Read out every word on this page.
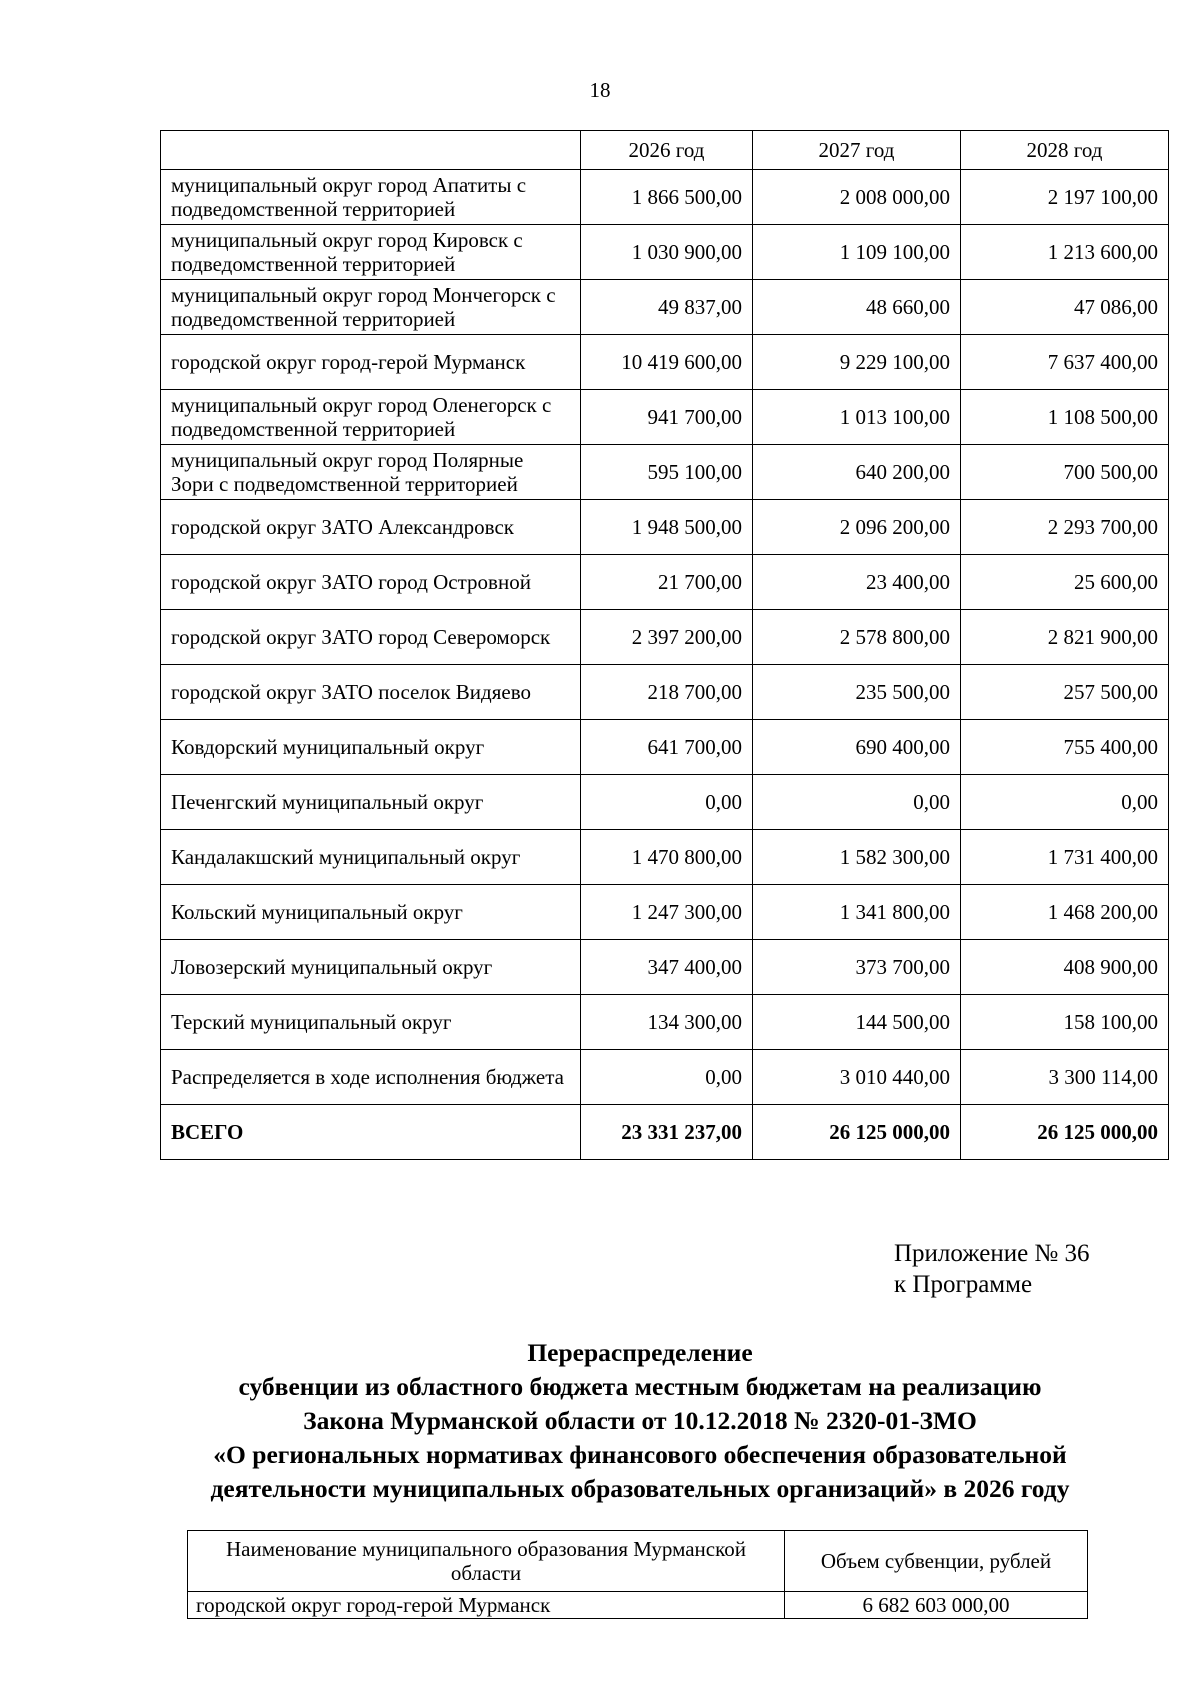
18
	2026 год	2027 год	2028 год
муниципальный округ город Апатиты с подведомственной территорией	1 866 500,00	2 008 000,00	2 197 100,00
муниципальный округ город Кировск с подведомственной территорией	1 030 900,00	1 109 100,00	1 213 600,00
муниципальный округ город Мончегорск с подведомственной территорией	49 837,00	48 660,00	47 086,00
городской округ город-герой Мурманск	10 419 600,00	9 229 100,00	7 637 400,00
муниципальный округ город Оленегорск с подведомственной территорией	941 700,00	1 013 100,00	1 108 500,00
муниципальный округ город Полярные Зори с подведомственной территорией	595 100,00	640 200,00	700 500,00
городской округ ЗАТО Александровск	1 948 500,00	2 096 200,00	2 293 700,00
городской округ ЗАТО город Островной	21 700,00	23 400,00	25 600,00
городской округ ЗАТО город Североморск	2 397 200,00	2 578 800,00	2 821 900,00
городской округ ЗАТО поселок Видяево	218 700,00	235 500,00	257 500,00
Ковдорский муниципальный округ	641 700,00	690 400,00	755 400,00
Печенгский муниципальный округ	0,00	0,00	0,00
Кандалакшский муниципальный округ	1 470 800,00	1 582 300,00	1 731 400,00
Кольский муниципальный округ	1 247 300,00	1 341 800,00	1 468 200,00
Ловозерский муниципальный округ	347 400,00	373 700,00	408 900,00
Терский муниципальный округ	134 300,00	144 500,00	158 100,00
Распределяется в ходе исполнения бюджета	0,00	3 010 440,00	3 300 114,00
ВСЕГО	23 331 237,00	26 125 000,00	26 125 000,00
Приложение № 36
к Программе
Перераспределение
субвенции из областного бюджета местным бюджетам на реализацию
Закона Мурманской области от 10.12.2018 № 2320-01-ЗМО
«О региональных нормативах финансового обеспечения образовательной
деятельности муниципальных образовательных организаций» в 2026 году
Наименование муниципального образования Мурманской области	Объем субвенции, рублей
городской округ город-герой Мурманск	6 682 603 000,00
